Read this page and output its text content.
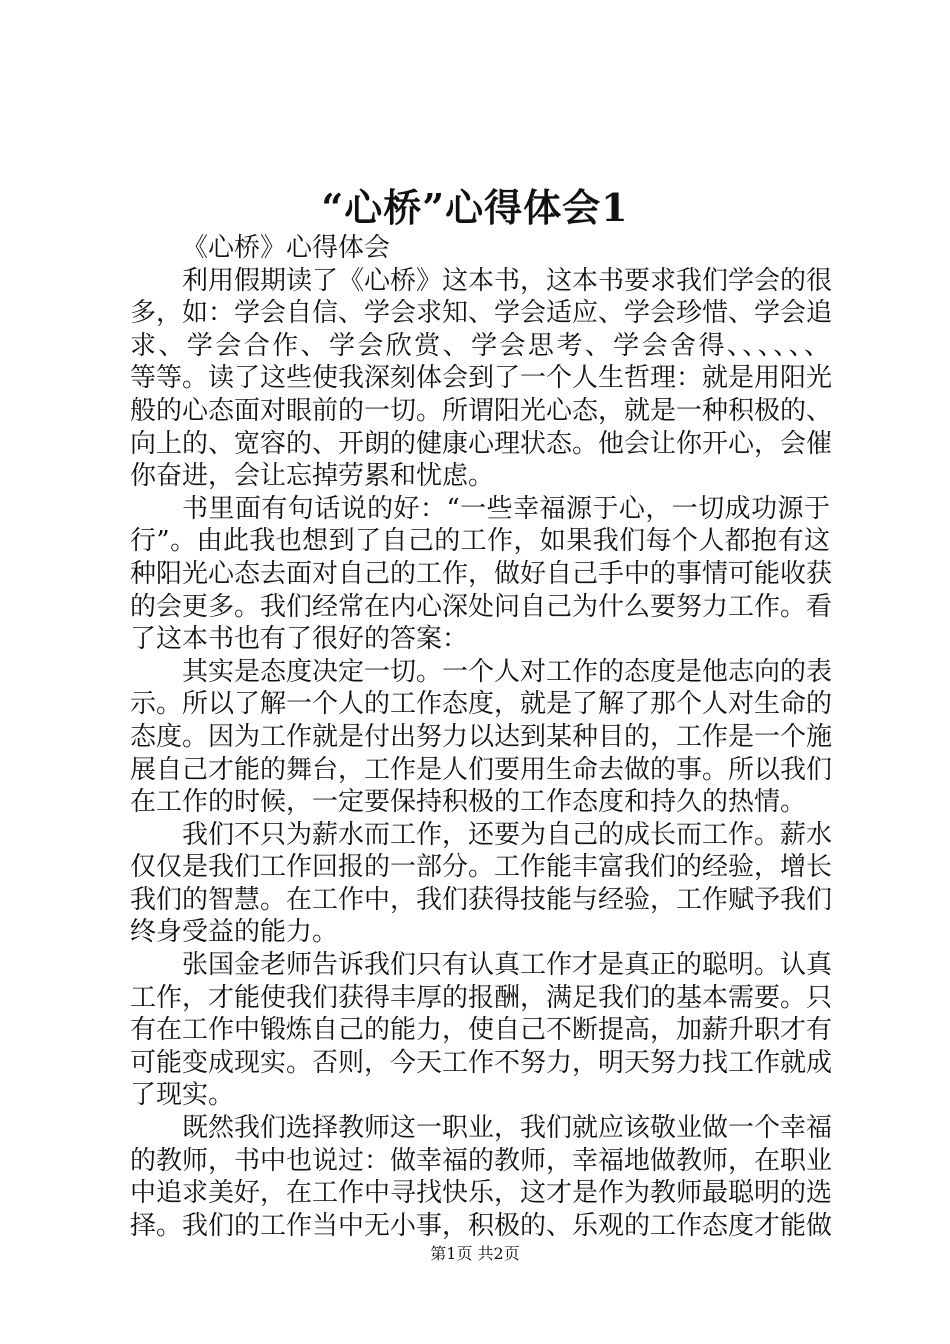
“心桥”心得体会1
《心桥》心得体会
利用假期读了《心桥》这本书，这本书要求我们学会的很
多，如：学会自信、学会求知、学会适应、学会珍惜、学会追
求、学会合作、学会欣赏、学会思考、学会舍得、、、、、、
等等。读了这些使我深刻体会到了一个人生哲理：就是用阳光
般的心态面对眼前的一切。所谓阳光心态，就是一种积极的、
向上的、宽容的、开朗的健康心理状态。他会让你开心，会催
你奋进，会让忘掉劳累和忧虑。
书里面有句话说的好：“一些幸福源于心，一切成功源于
行”。由此我也想到了自己的工作，如果我们每个人都抱有这
种阳光心态去面对自己的工作，做好自己手中的事情可能收获
的会更多。我们经常在内心深处问自己为什么要努力工作。看
了这本书也有了很好的答案：
其实是态度决定一切。一个人对工作的态度是他志向的表
示。所以了解一个人的工作态度，就是了解了那个人对生命的
态度。因为工作就是付出努力以达到某种目的，工作是一个施
展自己才能的舞台，工作是人们要用生命去做的事。所以我们
在工作的时候，一定要保持积极的工作态度和持久的热情。
我们不只为薪水而工作，还要为自己的成长而工作。薪水
仅仅是我们工作回报的一部分。工作能丰富我们的经验，增长
我们的智慧。在工作中，我们获得技能与经验，工作赋予我们
终身受益的能力。
张国金老师告诉我们只有认真工作才是真正的聪明。认真
工作，才能使我们获得丰厚的报酬，满足我们的基本需要。只
有在工作中锻炼自己的能力，使自己不断提高，加薪升职才有
可能变成现实。否则，今天工作不努力，明天努力找工作就成
了现实。
既然我们选择教师这一职业，我们就应该敬业做一个幸福
的教师，书中也说过：做幸福的教师，幸福地做教师，在职业
中追求美好，在工作中寻找快乐，这才是作为教师最聪明的选
择。我们的工作当中无小事，积极的、乐观的工作态度才能做
第1页 共2页
